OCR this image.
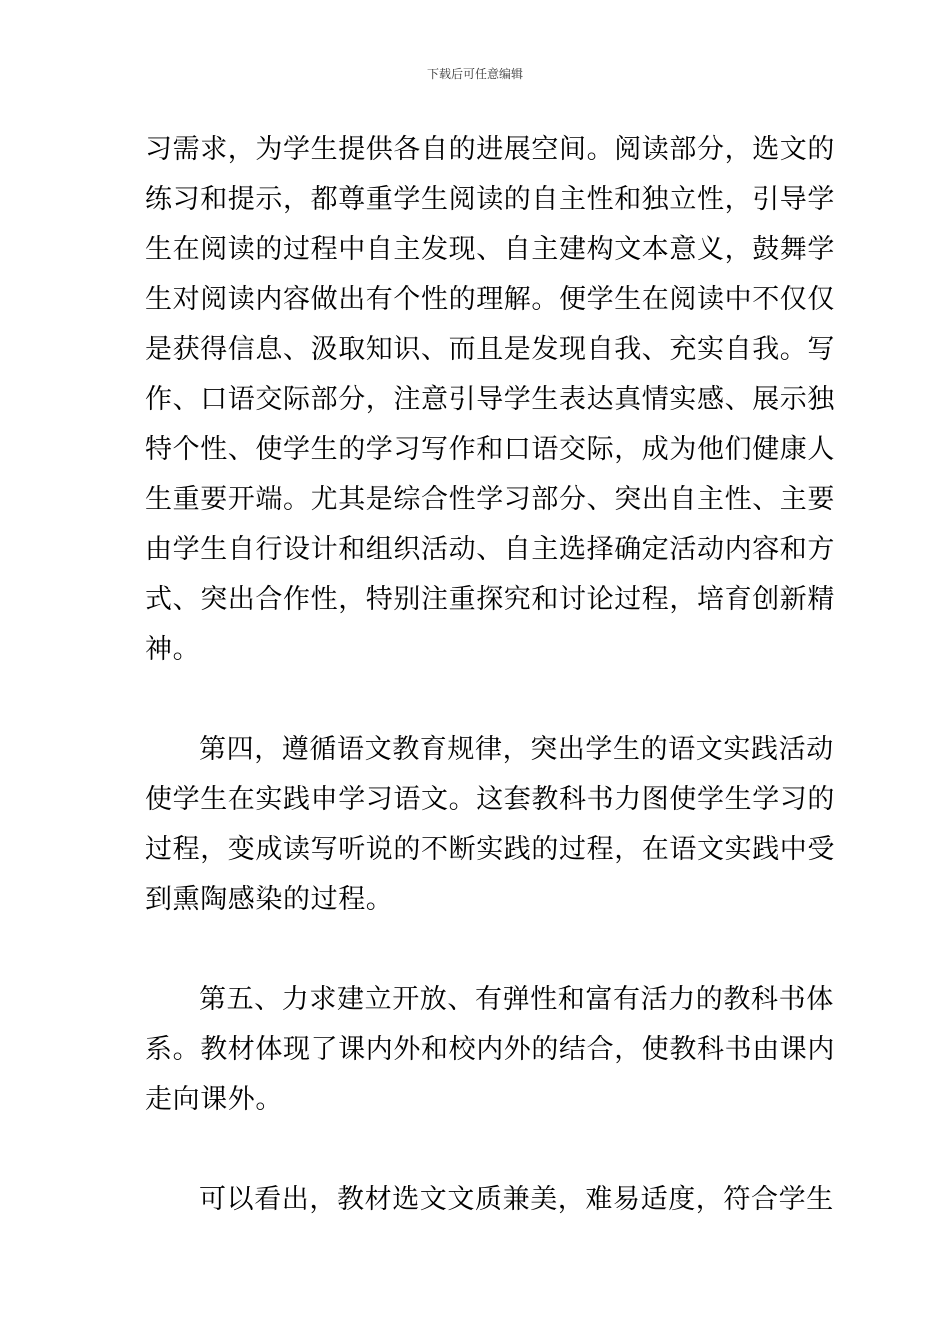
下载后可任意编辑
习需求，为学生提供各自的进展空间。阅读部分，选文的
练习和提示，都尊重学生阅读的自主性和独立性，引导学
生在阅读的过程中自主发现、自主建构文本意义，鼓舞学
生对阅读内容做出有个性的理解。便学生在阅读中不仅仅
是获得信息、汲取知识、而且是发现自我、充实自我。写
作、口语交际部分，注意引导学生表达真情实感、展示独
特个性、使学生的学习写作和口语交际，成为他们健康人
生重要开端。尤其是综合性学习部分、突出自主性、主要
由学生自行设计和组织活动、自主选择确定活动内容和方
式、突出合作性，特别注重探究和讨论过程，培育创新精
神。
第四，遵循语文教育规律，突出学生的语文实践活动
使学生在实践申学习语文。这套教科书力图使学生学习的
过程，变成读写听说的不断实践的过程，在语文实践中受
到熏陶感染的过程。
第五、力求建立开放、有弹性和富有活力的教科书体
系。教材体现了课内外和校内外的结合，使教科书由课内
走向课外。
可以看出，教材选文文质兼美，难易适度，符合学生
